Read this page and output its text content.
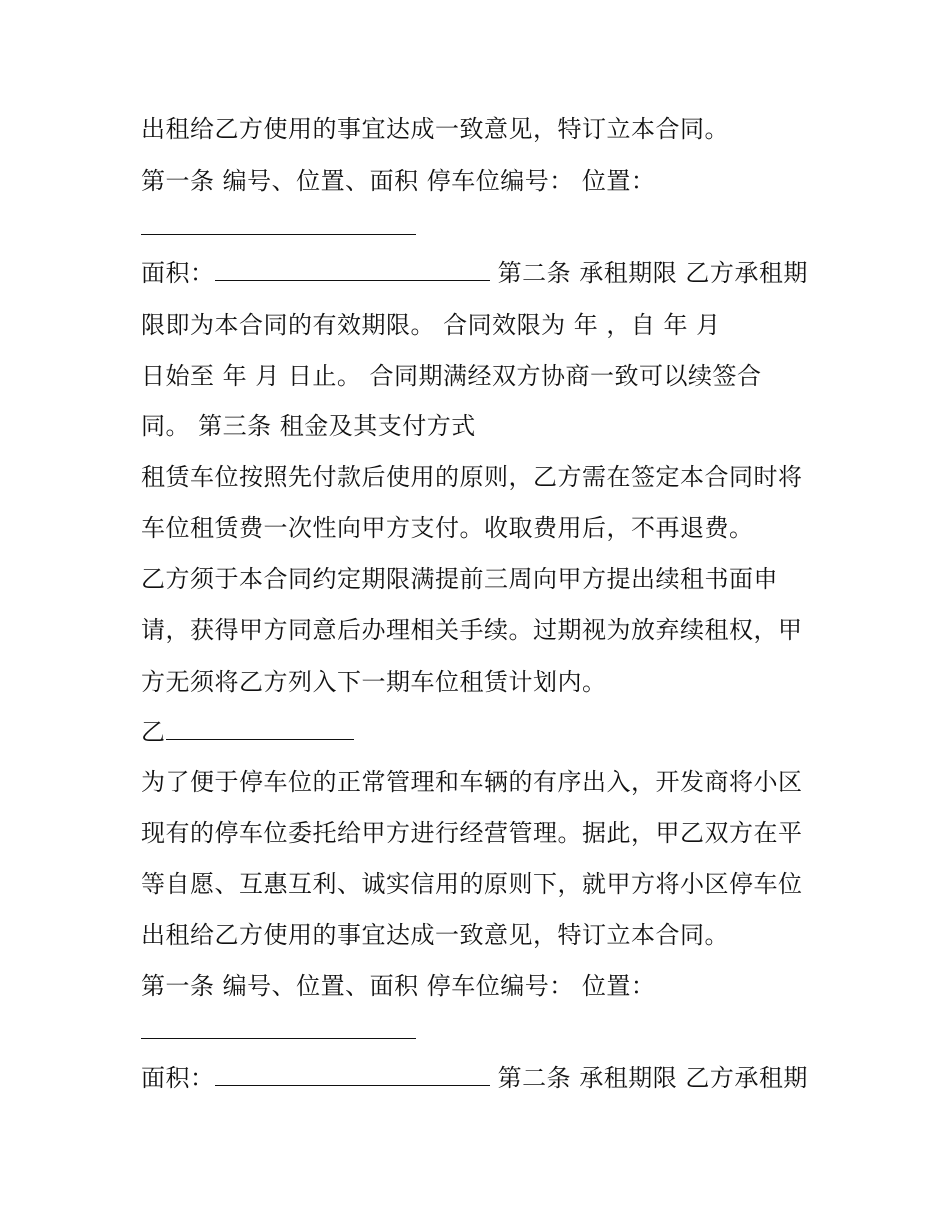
出租给乙方使用的事宜达成一致意见，特订立本合同。
第一条 编号、位置、面积 停车位编号： 位置：
面积：	第二条 承租期限 乙方承租期
限即为本合同的有效期限。 合同效限为 年 ，自 年 月
日始至 年 月 日止。 合同期满经双方协商一致可以续签合
同。 第三条 租金及其支付方式
租赁车位按照先付款后使用的原则，乙方需在签定本合同时将
车位租赁费一次性向甲方支付。收取费用后，不再退费。
乙方须于本合同约定期限满提前三周向甲方提出续租书面申
请，获得甲方同意后办理相关手续。过期视为放弃续租权，甲
方无须将乙方列入下一期车位租赁计划内。
乙
为了便于停车位的正常管理和车辆的有序出入，开发商将小区
现有的停车位委托给甲方进行经营管理。据此，甲乙双方在平
等自愿、互惠互利、诚实信用的原则下，就甲方将小区停车位
出租给乙方使用的事宜达成一致意见，特订立本合同。
第一条 编号、位置、面积 停车位编号： 位置：
面积：	第二条 承租期限 乙方承租期
